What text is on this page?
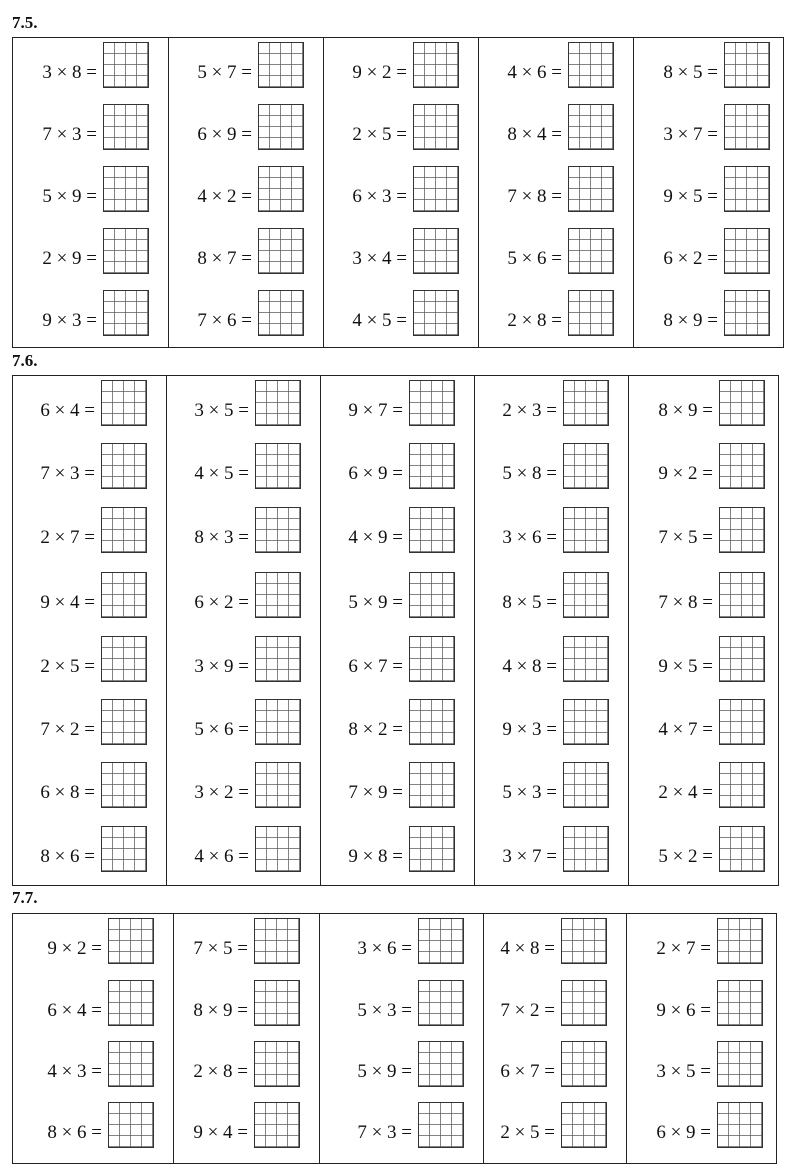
7.5.
3 × 8 =
7 × 3 =
5 × 9 =
2 × 9 =
9 × 3 =
5 × 7 =
6 × 9 =
4 × 2 =
8 × 7 =
7 × 6 =
9 × 2 =
2 × 5 =
6 × 3 =
3 × 4 =
4 × 5 =
4 × 6 =
8 × 4 =
7 × 8 =
5 × 6 =
2 × 8 =
8 × 5 =
3 × 7 =
9 × 5 =
6 × 2 =
8 × 9 =
7.6.
6 × 4 =
7 × 3 =
2 × 7 =
9 × 4 =
2 × 5 =
7 × 2 =
6 × 8 =
8 × 6 =
3 × 5 =
4 × 5 =
8 × 3 =
6 × 2 =
3 × 9 =
5 × 6 =
3 × 2 =
4 × 6 =
9 × 7 =
6 × 9 =
4 × 9 =
5 × 9 =
6 × 7 =
8 × 2 =
7 × 9 =
9 × 8 =
2 × 3 =
5 × 8 =
3 × 6 =
8 × 5 =
4 × 8 =
9 × 3 =
5 × 3 =
3 × 7 =
8 × 9 =
9 × 2 =
7 × 5 =
7 × 8 =
9 × 5 =
4 × 7 =
2 × 4 =
5 × 2 =
7.7.
9 × 2 =
6 × 4 =
4 × 3 =
8 × 6 =
7 × 5 =
8 × 9 =
2 × 8 =
9 × 4 =
3 × 6 =
5 × 3 =
5 × 9 =
7 × 3 =
4 × 8 =
7 × 2 =
6 × 7 =
2 × 5 =
2 × 7 =
9 × 6 =
3 × 5 =
6 × 9 =
